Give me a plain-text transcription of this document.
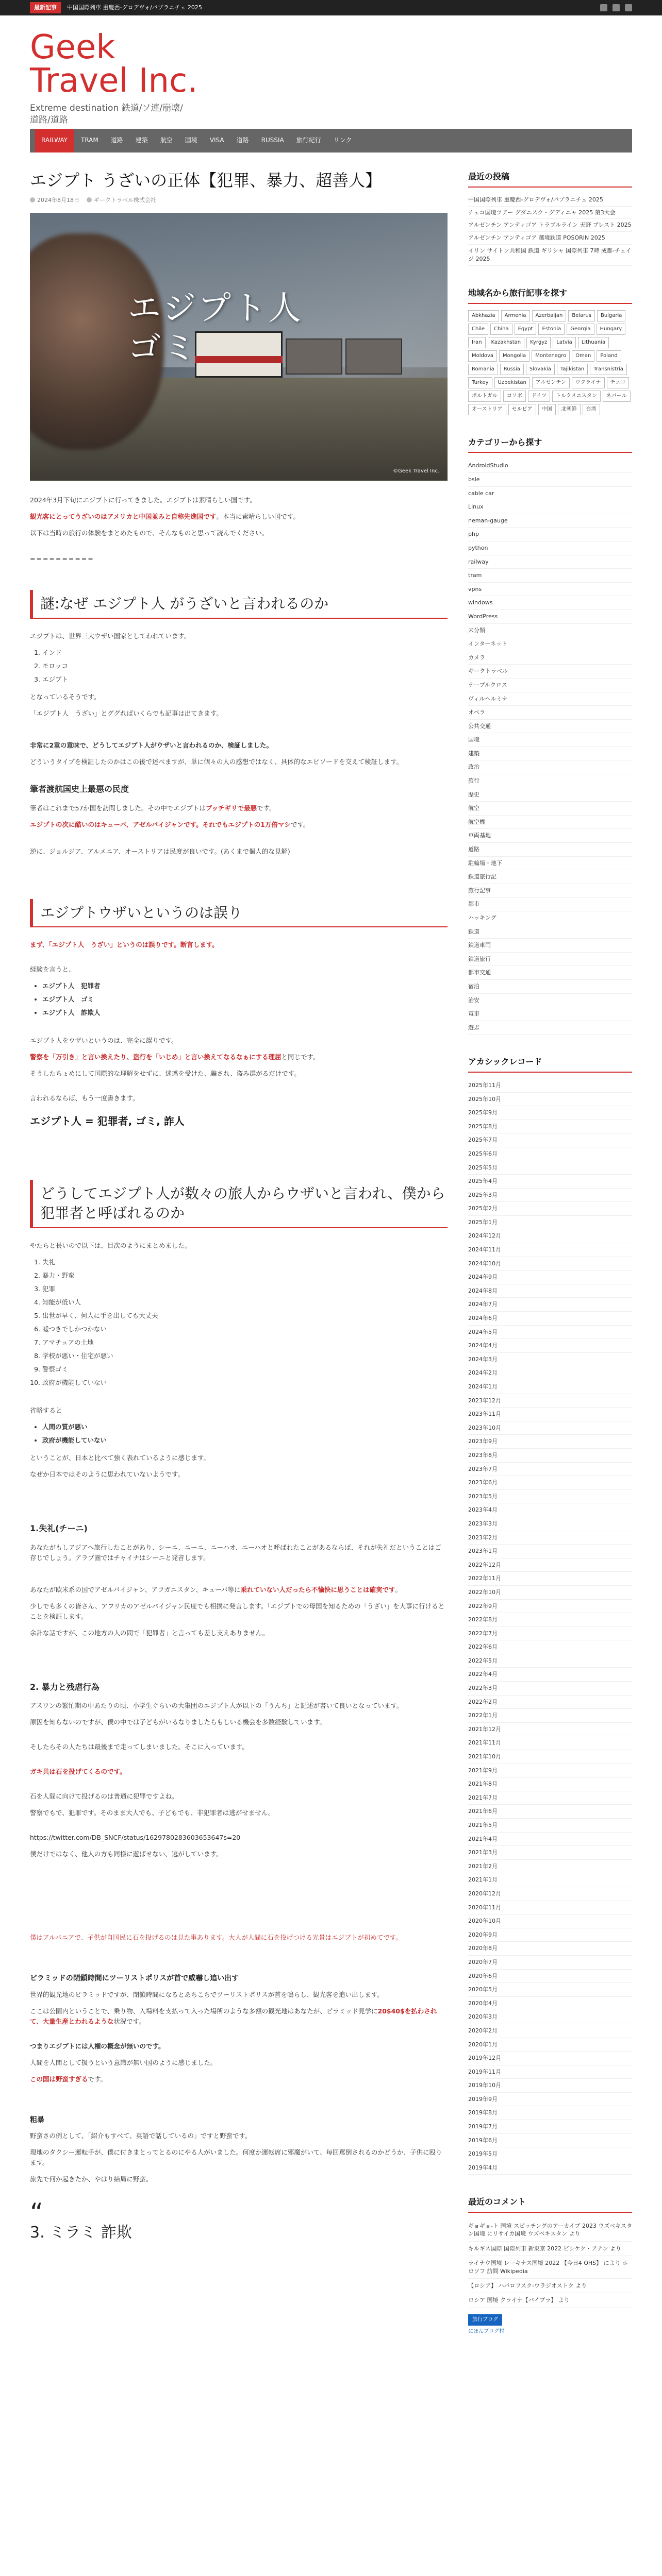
最新記事	中国国際列車 重慶西-グロデヴォ/パブラニチェ 2025
Geek
Travel Inc.
Extreme destination 鉄道/ソ連/崩壊/
道路/道路
RAILWAY	TRAM	道路	建築	航空	国境	VISA	道路	RUSSIA	旅行紀行	リンク
エジプト うざいの正体【犯罪、暴力、超善人】
2024年8月18日	ギークトラベル株式会社
エジプト人
ゴミ
©Geek Travel Inc.

2024年3月下旬にエジプトに行ってきました。エジプトは素晴らしい国です。

観光客にとってうざいのはアメリカと中国並みと自称先進国です。本当に素晴らしい国です。

以下は当時の旅行の体験をまとめたもので、そんなものと思って読んでください。

==========
謎:なぜ エジプト人 がうざいと言われるのか

エジプトは、世界三大ウザい国家としてわれています。

1. インド
2. モロッコ
3. エジプト

となっているそうです。

「エジプト人　うざい」とググればいくらでも記事は出てきます。

非常に2重の意味で、どうしてエジプト人がウザいと言われるのか、検証しました。

どういうタイプを検証したのかはこの後で述べますが、単に個々の人の感想ではなく、具体的なエピソードを交えて検証します。

筆者渡航国史上最悪の民度

筆者はこれまで57か国を訪問しました。その中でエジプトはブッチギリで最悪です。

エジプトの次に酷いのはキューバ、アゼルバイジャンです。それでもエジプトの1万倍マシです。

逆に、ジョルジア、アルメニア、オーストリアは民度が良いです。(あくまで個人的な見解)

エジプトウザいというのは誤り

まず、「エジプト人　うざい」というのは誤りです。断言します。

経験を言うと、

• エジプト人　犯罪者
• エジプト人　ゴミ
• エジプト人　詐欺人

エジプト人をウザいというのは、完全に誤りです。

警察を「万引き」と言い換えたり、盗行を「いじめ」と言い換えてなるなぁにする理屈と同じです。

そうしたちょめにして国際的な理解をせずに、迷惑を受けた、騙され、盗み群がるだけです。

言われるならば、もう一度書きます。

エジプト人 = 犯罪者, ゴミ, 詐人
どうしてエジプト人が数々の旅人からウザいと言われ、僕から犯罪者と呼ばれるのか

やたらと長いので以下は、目次のようにまとめました。

1. 失礼
2. 暴力・野蛮
3. 犯罪
4. 知能が低い人
5. 出世が早く、何人に手を出しても大丈夫
6. 嘘つきでしかつかない
7. アマチュアの土地
8. 学校が悪い・住宅が悪い
9. 警察ゴミ
10. 政府が機能していない

省略すると

• 人間の質が悪い
• 政府が機能していない

ということが、日本と比べて強く表れているように感じます。

なぜか日本ではそのように思われていないようです。

1.失礼(チーニ)

あなたがもしアジアへ旅行したことがあり、シーニ、ニーニ、ニーハオ、ニーハオと呼ばれたことがあるならば、それが失礼だということはご存じでしょう。アラブ圏ではチャイナはシーニと発音します。

あなたが欧米系の国でアゼルバイジャン、アフガニスタン、キューバ等に乗れていない人だったら不愉快に思うことは確実です。

少しでも多くの皆さん、アフリカのアゼルバイジャン民度でも相撲に発言します。「エジプトでの母国を知るための「うざい」を大事に行けるとことを検証します。

余計な話ですが、この地方の人の間で「犯罪者」と言っても差し支えありません。

2. 暴力と残虐行為

アスワンの繁忙期の中あたりの頃、小学生ぐらいの大集団のエジプト人が以下の「うんち」と記述が書いて良いとなっています。

原因を知らないのですが、僕の中では子どもがいるなりましたらもしいる機会を多数経験しています。

そしたらその人たちは最後まで走ってしまいました。そこに入っています。

ガキ共は石を投げてくるのです。

石を人間に向けて投げるのは普通に犯罪ですよね。

警察でもで、犯罪です。そのまま大人でも、子どもでも、非犯罪者は逃がせません。

https://twitter.com/DB_SNCF/status/1629780283603653647s=20

僕だけではなく、他人の方も同様に遊ばせない、逃がしています。

僕はアルバニアで、子供が自国民に石を投げるのは見た事あります。大人が人間に石を投げつける光景はエジプトが初めてです。

ピラミッドの閉鎖時間にツーリストポリスが首で威嚇し追い出す

世界的観光地のピラミッドですが、閉鎖時間になるとあちこちでツーリストポリスが首を鳴らし、観光客を追い出します。

ここは公園内ということで、乗り物、入場料を支払って入った場所のような多額の観光地はあなたが、ピラミッド見学に20$40$を払わされて、大量生産とわれるような状況です。

つまりエジプトには人権の概念が無いのです。

人間を人間として扱うという意識が無い国のように感じました。

この国は野蛮すぎるです。

粗暴

野蛮さの例として、「紹介もすべて、英語で話しているの」ですと野蛮です。

現地のタクシー運転手が、僕に付きまとってとるのにやる人がいました。何度か運転席に邪魔がいて、毎回罵倒されるのかどうか、子供に殴ります。

旅先で何か起きたか、やはり結局に野蛮。

“
3. ミラミ 詐欺
最近の投稿
中国国際列車 重慶西-グロデヴォ/パブラニチェ 2025
チェコ国境ツアー グダニスク・グディニャ 2025 第3大会
アルゼンチン アンティゴア トラブルライン 天野 ブレスト 2025
アルゼンチン アンティゴア 越境鉄道 POSORIN 2025
イリン サイトン共和国 鉄道 ギリシャ 国際列車 7時 成都-チェイジ 2025
地域名から旅行記事を探す
Abkhazia	Armenia	Azerbaijan	Belarus	Bulgaria
Chile	China	Egypt	Estonia	Georgia	Hungary
Iran	Kazakhstan	Kyrgyz	Latvia	Lithuania
Moldova	Mongolia	Montenegro	Oman	Poland
Romania	Russia	Slovakia	Tajikistan	Transnistria
Turkey	Uzbekistan	アルゼンチン	ウクライナ	チェコ
ポルトガル	コソボ	ドイツ	トルクメニスタン	ネパール
オーストリア	セルビア	中国	北朝鮮	台湾
カテゴリーから探す
AndroidStudio
bsle
cable car
Linux
neman-gauge
php
python
railway
tram
vpns
windows
WordPress
未分類
インターネット
カメラ
ギークトラベル
テーブルクロス
ヴィルヘルミナ
オペラ
公共交通
国境
建築
政治
旅行
歴史
航空
航空機
車両基地
道路
駐輪場・地下
鉄道旅行記
旅行記事
都市
ハッキング
鉄道
鉄道車両
鉄道旅行
都市交通
宿泊
治安
電車
遊ぶ
アカシックレコード
2025年11月
2025年10月
2025年9月
2025年8月
2025年7月
2025年6月
2025年5月
2025年4月
2025年3月
2025年2月
2025年1月
2024年12月
2024年11月
2024年10月
2024年9月
2024年8月
2024年7月
2024年6月
2024年5月
2024年4月
2024年3月
2024年2月
2024年1月
2023年12月
2023年11月
2023年10月
2023年9月
2023年8月
2023年7月
2023年6月
2023年5月
2023年4月
2023年3月
2023年2月
2023年1月
2022年12月
2022年11月
2022年10月
2022年9月
2022年8月
2022年7月
2022年6月
2022年5月
2022年4月
2022年3月
2022年2月
2022年1月
2021年12月
2021年11月
2021年10月
2021年9月
2021年8月
2021年7月
2021年6月
2021年5月
2021年4月
2021年3月
2021年2月
2021年1月
2020年12月
2020年11月
2020年10月
2020年9月
2020年8月
2020年7月
2020年6月
2020年5月
2020年4月
2020年3月
2020年2月
2020年1月
2019年12月
2019年11月
2019年10月
2019年9月
2019年8月
2019年7月
2019年6月
2019年5月
2019年4月
最近のコメント
ギョギョ-ト 国境 スピッチングのアーカイブ 2023 ウズベキスタン国境 にリサイカ国境 ウズベキスタン より
キルギス国際 国際列車 新東京 2022 ビシケク・アナン より
ライナウ国境 レーキナス国境 2022 【今日4 OHS】 により ホロソフ 訪問 Wikipedia
【ロシア】 ハバロフスク-ウラジオストク より
ロシア 国境 クライナ【バイブラ】 より
旅行ブログ
にほんブログ村
